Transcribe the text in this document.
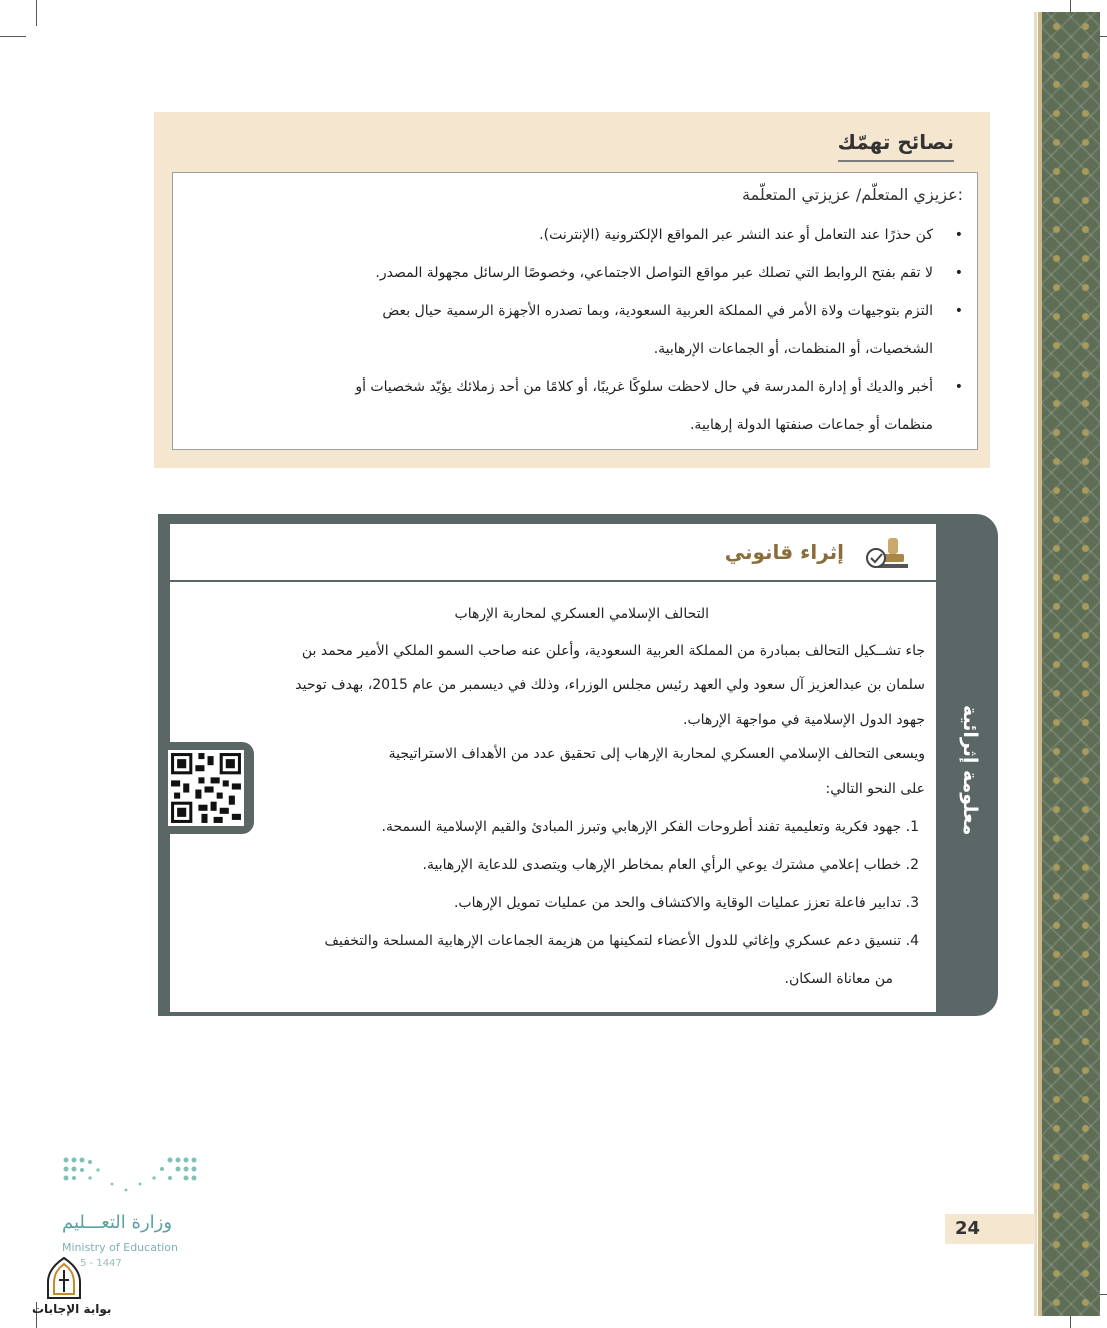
نصائح تهمّك
عزيزي المتعلّم/ عزيزتي المتعلّمة:
•
كن حذرًا عند التعامل أو عند النشر عبر المواقع الإلكترونية (الإنترنت).
•
لا تقم بفتح الروابط التي تصلك عبر مواقع التواصل الاجتماعي، وخصوصًا الرسائل مجهولة المصدر.
•
التزم بتوجيهات ولاة الأمر في المملكة العربية السعودية، وبما تصدره الأجهزة الرسمية حيال بعض
الشخصيات، أو المنظمات، أو الجماعات الإرهابية.
•
أخبر والديك أو إدارة المدرسة في حال لاحظت سلوكًا غريبًا، أو كلامًا من أحد زملائك يؤيّد شخصيات أو
منظمات أو جماعات صنفتها الدولة إرهابية.
إثراء قانوني
معلومة إثرائية
التحالف الإسلامي العسكري لمحاربة الإرهاب
جاء تشــكيل التحالف بمبادرة من المملكة العربية السعودية، وأعلن عنه صاحب السمو الملكي الأمير محمد بن
سلمان بن عبدالعزيز آل سعود ولي العهد رئيس مجلس الوزراء، وذلك في ديسمبر من عام 2015، بهدف توحيد
جهود الدول الإسلامية في مواجهة الإرهاب.
ويسعى التحالف الإسلامي العسكري لمحاربة الإرهاب إلى تحقيق عدد من الأهداف الاستراتيجية
على النحو التالي:
1. جهود فكرية وتعليمية تفند أطروحات الفكر الإرهابي وتبرز المبادئ والقيم الإسلامية السمحة.
2. خطاب إعلامي مشترك يوعي الرأي العام بمخاطر الإرهاب ويتصدى للدعاية الإرهابية.
3. تدابير فاعلة تعزز عمليات الوقاية والاكتشاف والحد من عمليات تمويل الإرهاب.
4. تنسيق دعم عسكري وإغاثي للدول الأعضاء لتمكينها من هزيمة الجماعات الإرهابية المسلحة والتخفيف
من معاناة السكان.
24
وزارة التعـــليم
Ministry of Education
5 - 1447
بوابة الإجابات
